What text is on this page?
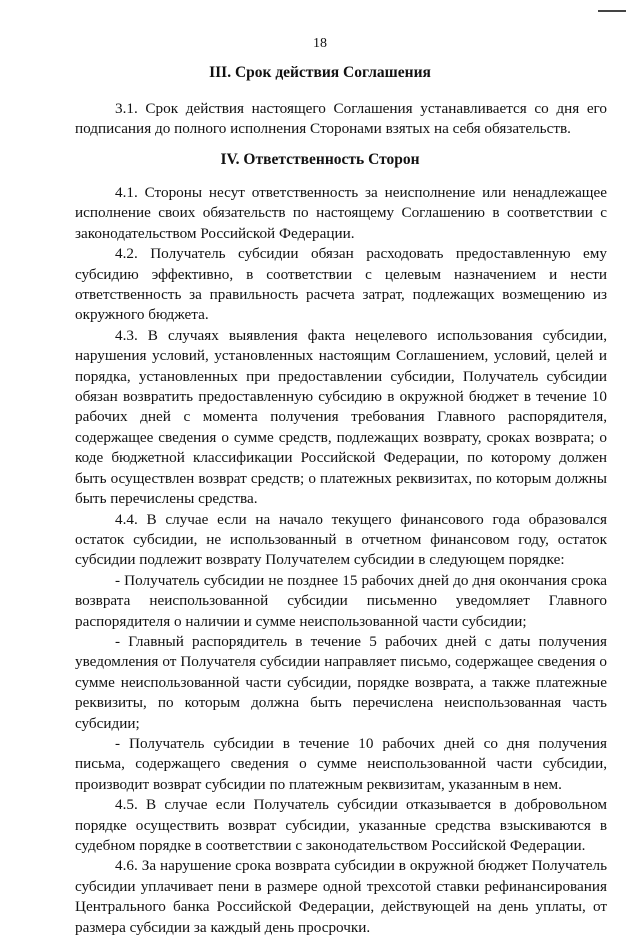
18
III. Срок действия Соглашения

3.1. Срок действия настоящего Соглашения устанавливается со дня его подписания до полного исполнения Сторонами взятых на себя обязательств.

IV. Ответственность Сторон

4.1. Стороны несут ответственность за неисполнение или ненадлежащее исполнение своих обязательств по настоящему Соглашению в соответствии с законодательством Российской Федерации.

4.2. Получатель субсидии обязан расходовать предоставленную ему субсидию эффективно, в соответствии с целевым назначением и нести ответственность за правильность расчета затрат, подлежащих возмещению из окружного бюджета.

4.3. В случаях выявления факта нецелевого использования субсидии, нарушения условий, установленных настоящим Соглашением, условий, целей и порядка, установленных при предоставлении субсидии, Получатель субсидии обязан возвратить предоставленную субсидию в окружной бюджет в течение 10 рабочих дней с момента получения требования Главного распорядителя, содержащее сведения о сумме средств, подлежащих возврату, сроках возврата; о коде бюджетной классификации Российской Федерации, по которому должен быть осуществлен возврат средств; о платежных реквизитах, по которым должны быть перечислены средства.

4.4. В случае если на начало текущего финансового года образовался остаток субсидии, не использованный в отчетном финансовом году, остаток субсидии подлежит возврату Получателем субсидии в следующем порядке:

- Получатель субсидии не позднее 15 рабочих дней до дня окончания срока возврата неиспользованной субсидии письменно уведомляет Главного распорядителя о наличии и сумме неиспользованной части субсидии;

- Главный распорядитель в течение 5 рабочих дней с даты получения уведомления от Получателя субсидии направляет письмо, содержащее сведения о сумме неиспользованной части субсидии, порядке возврата, а также платежные реквизиты, по которым должна быть перечислена неиспользованная часть субсидии;

- Получатель субсидии в течение 10 рабочих дней со дня получения письма, содержащего сведения о сумме неиспользованной части субсидии, производит возврат субсидии по платежным реквизитам, указанным в нем.

4.5. В случае если Получатель субсидии отказывается в добровольном порядке осуществить возврат субсидии, указанные средства взыскиваются в судебном порядке в соответствии с законодательством Российской Федерации.

4.6. За нарушение срока возврата субсидии в окружной бюджет Получатель субсидии уплачивает пени в размере одной трехсотой ставки рефинансирования Центрального банка Российской Федерации, действующей на день уплаты, от размера субсидии за каждый день просрочки.
